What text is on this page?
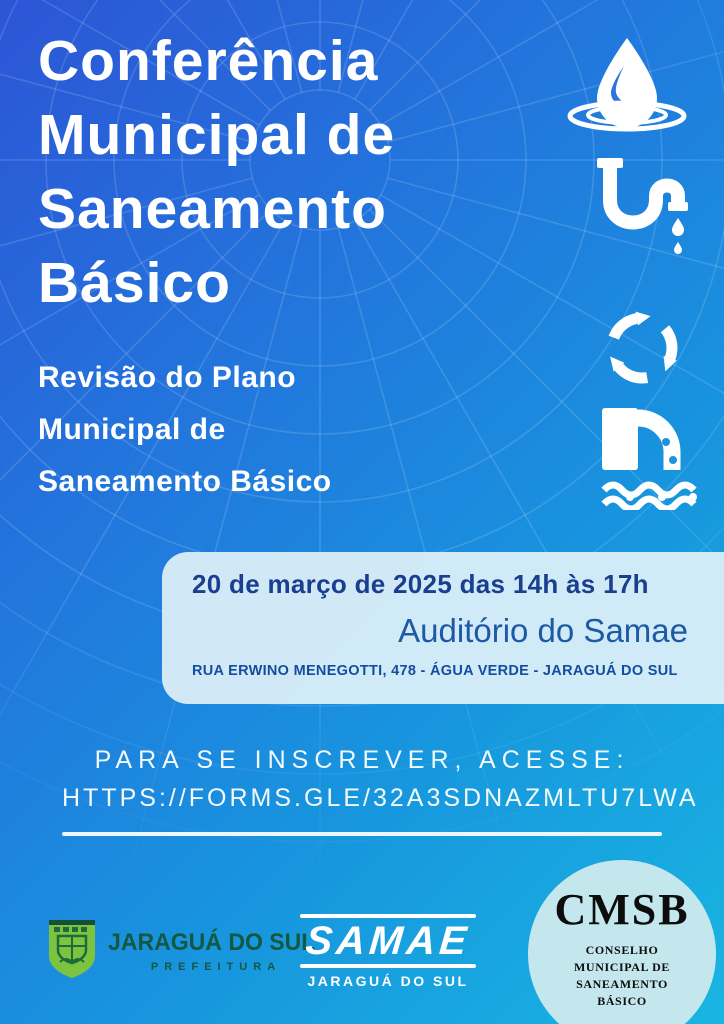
Conferência
Municipal de
Saneamento
Básico
Revisão do Plano
Municipal de
Saneamento Básico
20 de março de 2025 das 14h às 17h
Auditório do Samae
RUA ERWINO MENEGOTTI, 478 - ÁGUA VERDE - JARAGUÁ DO SUL
PARA SE INSCREVER, ACESSE:
HTTPS://FORMS.GLE/32A3SDNAZMLTU7LWA
JARAGUÁ DO SUL
PREFEITURA
SAMAE
JARAGUÁ DO SUL
CMSB
CONSELHO
MUNICIPAL DE
SANEAMENTO
BÁSICO
